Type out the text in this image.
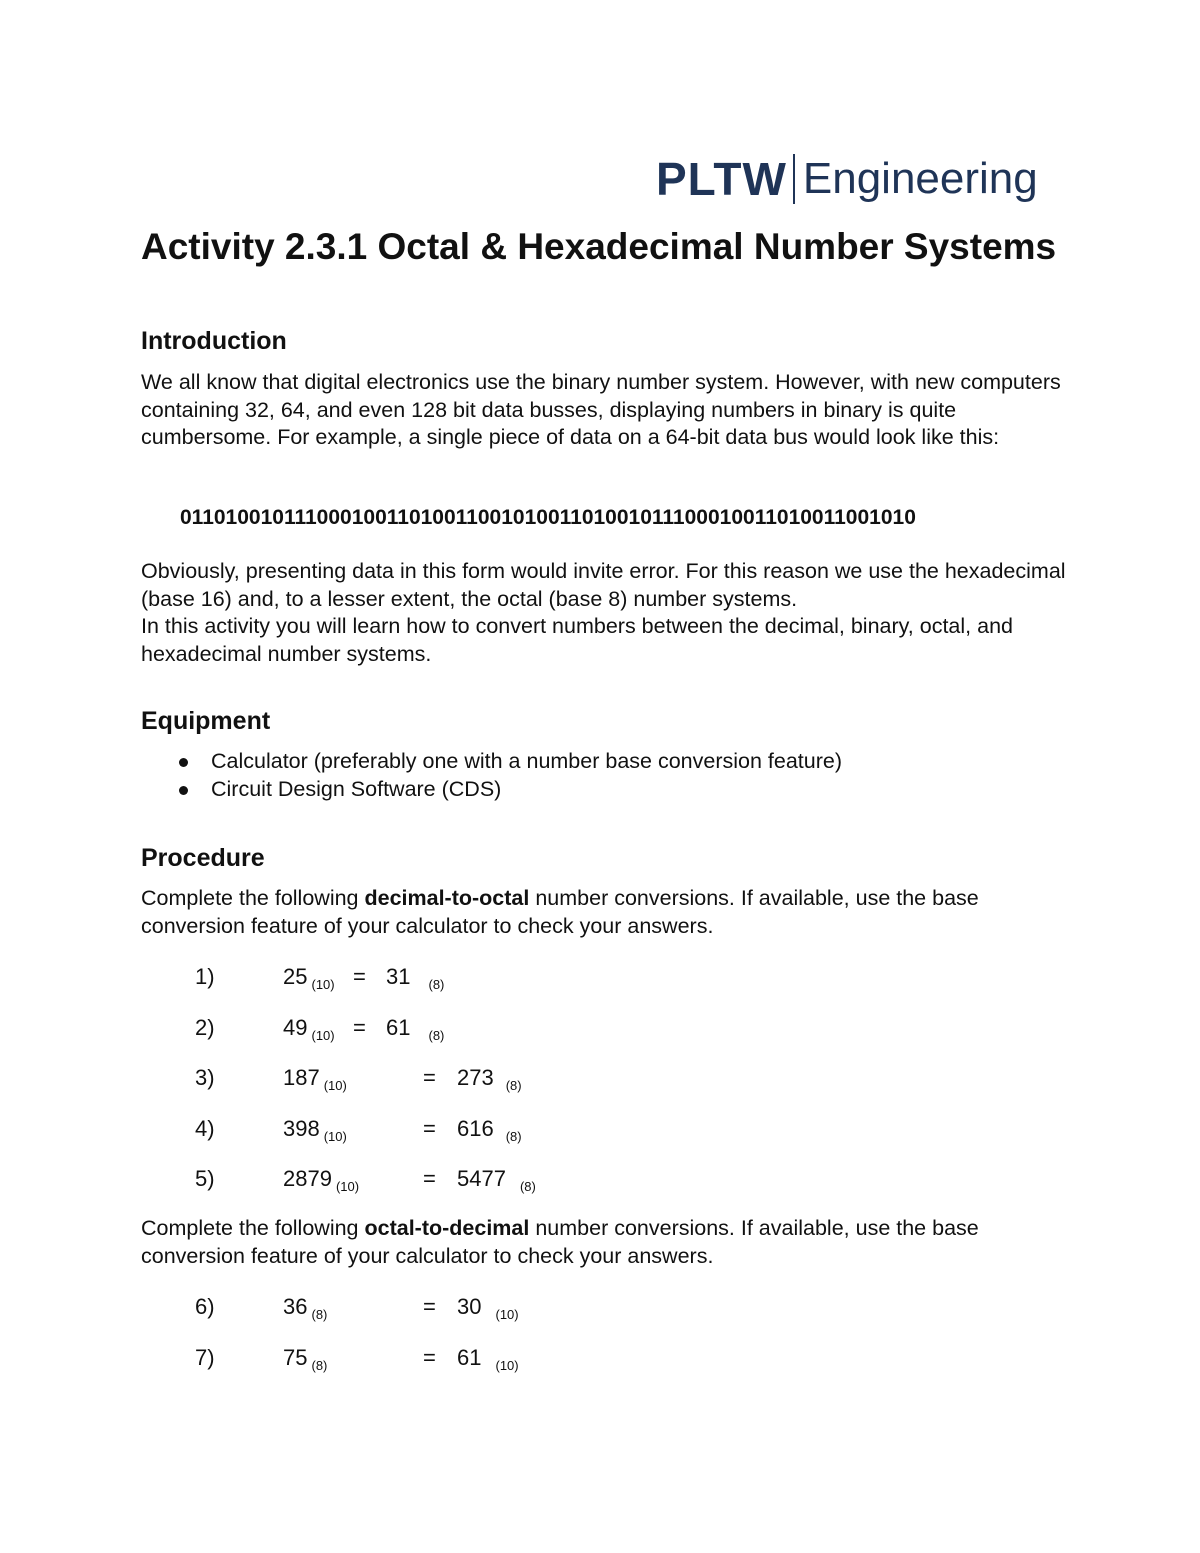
PLTW Engineering
Activity 2.3.1 Octal & Hexadecimal Number Systems
Introduction

We all know that digital electronics use the binary number system. However, with new computers containing 32, 64, and even 128 bit data busses, displaying numbers in binary is quite cumbersome. For example, a single piece of data on a 64-bit data bus would look like this:

0110100101110001001101001100101001101001011100010011010011001010

Obviously, presenting data in this form would invite error. For this reason we use the hexadecimal (base 16) and, to a lesser extent, the octal (base 8) number systems.

In this activity you will learn how to convert numbers between the decimal, binary, octal, and hexadecimal number systems.

Equipment
Calculator (preferably one with a number base conversion feature)
Circuit Design Software (CDS)
Procedure

Complete the following decimal-to-octal number conversions. If available, use the base conversion feature of your calculator to check your answers.

1)	25 $_{(10)}$ = 31 $_{(8)}$
2)	49 $_{(10)}$ = 61 $_{(8)}$
3)	187 $_{(10)}$	= 273 $_{(8)}$
4)	398 $_{(10)}$	= 616 $_{(8)}$
5)	2879 $_{(10)}$	= 5477 $_{(8)}$

Complete the following octal-to-decimal number conversions. If available, use the base conversion feature of your calculator to check your answers.

6)	36 $_{(8)}$	= 30 $_{(10)}$
7)	75 $_{(8)}$	= 61 $_{(10)}$
